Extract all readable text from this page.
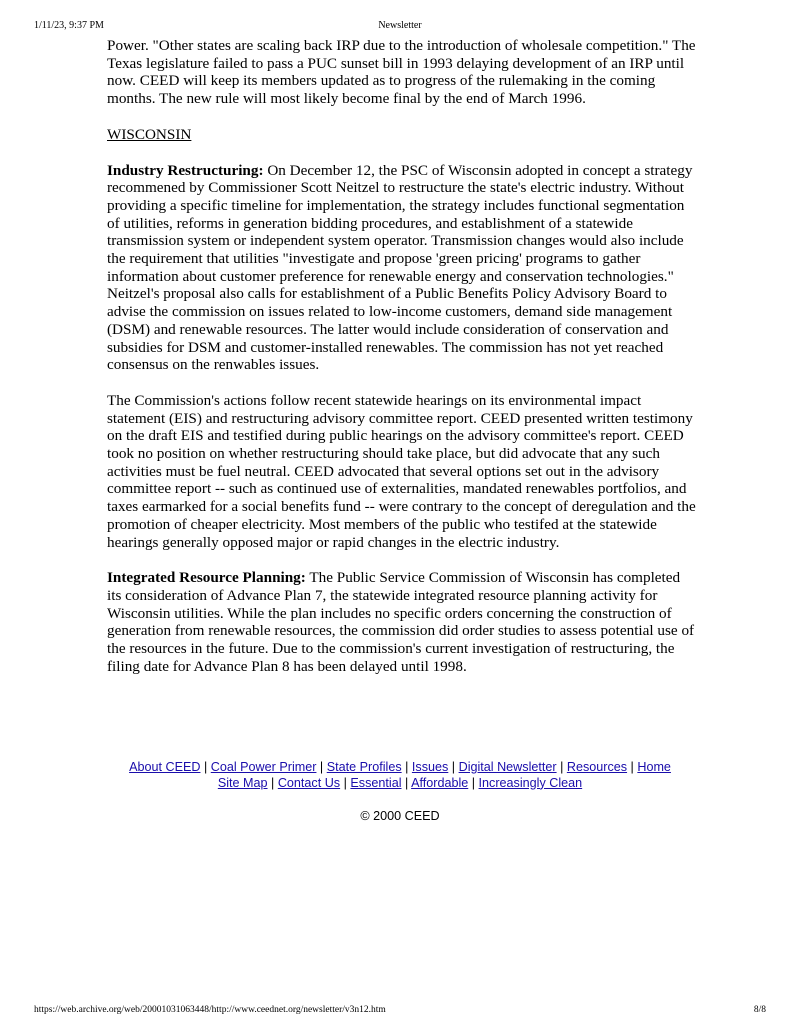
1/11/23, 9:37 PM	Newsletter

Power. "Other states are scaling back IRP due to the introduction of wholesale competition." The Texas legislature failed to pass a PUC sunset bill in 1993 delaying development of an IRP until now. CEED will keep its members updated as to progress of the rulemaking in the coming months. The new rule will most likely become final by the end of March 1996.

WISCONSIN

Industry Restructuring: On December 12, the PSC of Wisconsin adopted in concept a strategy recommened by Commissioner Scott Neitzel to restructure the state's electric industry. Without providing a specific timeline for implementation, the strategy includes functional segmentation of utilities, reforms in generation bidding procedures, and establishment of a statewide transmission system or independent system operator. Transmission changes would also include the requirement that utilities "investigate and propose 'green pricing' programs to gather information about customer preference for renewable energy and conservation technologies." Neitzel's proposal also calls for establishment of a Public Benefits Policy Advisory Board to advise the commission on issues related to low-income customers, demand side management (DSM) and renewable resources. The latter would include consideration of conservation and subsidies for DSM and customer-installed renewables. The commission has not yet reached consensus on the renwables issues.

The Commission's actions follow recent statewide hearings on its environmental impact statement (EIS) and restructuring advisory committee report. CEED presented written testimony on the draft EIS and testified during public hearings on the advisory committee's report. CEED took no position on whether restructuring should take place, but did advocate that any such activities must be fuel neutral. CEED advocated that several options set out in the advisory committee report -- such as continued use of externalities, mandated renewables portfolios, and taxes earmarked for a social benefits fund -- were contrary to the concept of deregulation and the promotion of cheaper electricity. Most members of the public who testifed at the statewide hearings generally opposed major or rapid changes in the electric industry.

Integrated Resource Planning: The Public Service Commission of Wisconsin has completed its consideration of Advance Plan 7, the statewide integrated resource planning activity for Wisconsin utilities. While the plan includes no specific orders concerning the construction of generation from renewable resources, the commission did order studies to assess potential use of the resources in the future. Due to the commission's current investigation of restructuring, the filing date for Advance Plan 8 has been delayed until 1998.

About CEED | Coal Power Primer | State Profiles | Issues | Digital Newsletter | Resources | Home
Site Map | Contact Us | Essential | Affordable | Increasingly Clean
© 2000 CEED
https://web.archive.org/web/20001031063448/http://www.ceednet.org/newsletter/v3n12.htm	8/8
